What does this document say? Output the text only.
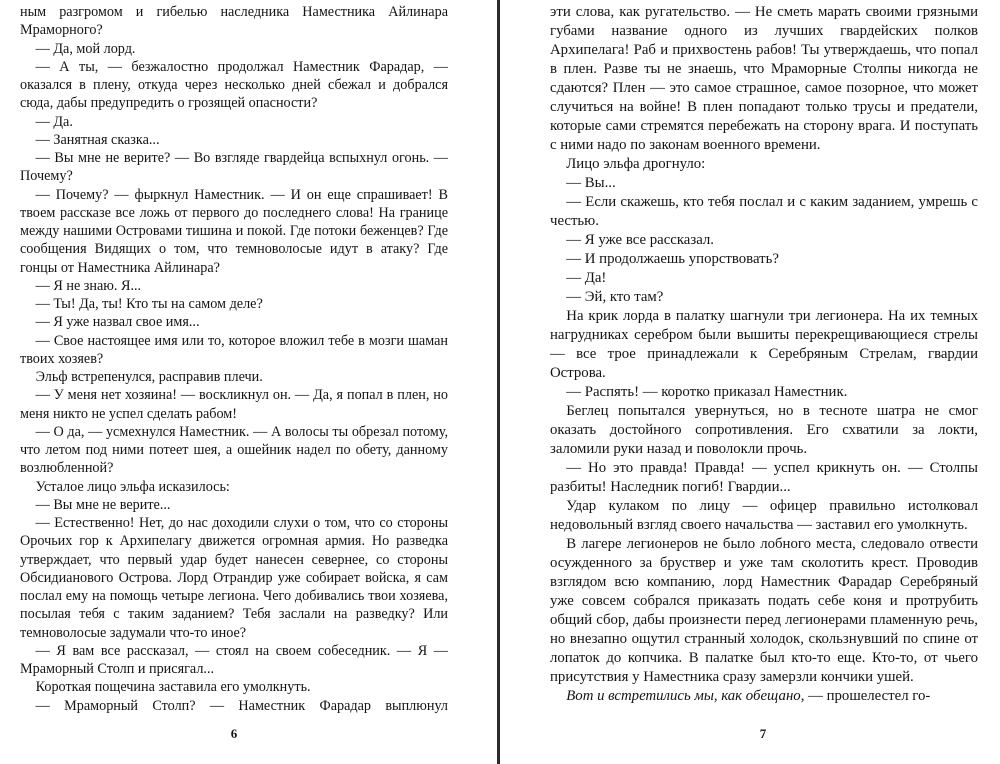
ным разгромом и гибелью наследника Наместника Айлинара Мраморного?

— Да, мой лорд.

— А ты, — безжалостно продолжал Наместник Фарадар, — оказался в плену, откуда через несколько дней сбежал и добрался сюда, дабы предупредить о грозящей опасности?

— Да.

— Занятная сказка...

— Вы мне не верите? — Во взгляде гвардейца вспыхнул огонь. — Почему?

— Почему? — фыркнул Наместник. — И он еще спрашивает! В твоем рассказе все ложь от первого до последнего слова! На границе между нашими Островами тишина и покой. Где потоки беженцев? Где сообщения Видящих о том, что темноволосые идут в атаку? Где гонцы от Наместника Айлинара?

— Я не знаю. Я...

— Ты! Да, ты! Кто ты на самом деле?

— Я уже назвал свое имя...

— Свое настоящее имя или то, которое вложил тебе в мозги шаман твоих хозяев?

Эльф встрепенулся, расправив плечи.

— У меня нет хозяина! — воскликнул он. — Да, я попал в плен, но меня никто не успел сделать рабом!

— О да, — усмехнулся Наместник. — А волосы ты обрезал потому, что летом под ними потеет шея, а ошейник надел по обету, данному возлюбленной?

Усталое лицо эльфа исказилось:

— Вы мне не верите...

— Естественно! Нет, до нас доходили слухи о том, что со стороны Орочьих гор к Архипелагу движется огромная армия. Но разведка утверждает, что первый удар будет нанесен севернее, со стороны Обсидианового Острова. Лорд Отрандир уже собирает войска, я сам послал ему на помощь четыре легиона. Чего добивались твои хозяева, посылая тебя с таким заданием? Тебя заслали на разведку? Или темноволосые задумали что-то иное?

— Я вам все рассказал, — стоял на своем собеседник. — Я — Мраморный Столп и присягал...

Короткая пощечина заставила его умолкнуть.

— Мраморный Столп? — Наместник Фарадар выплюнул

6

эти слова, как ругательство. — Не сметь марать своими грязными губами название одного из лучших гвардейских полков Архипелага! Раб и прихвостень рабов! Ты утверждаешь, что попал в плен. Разве ты не знаешь, что Мраморные Столпы никогда не сдаются? Плен — это самое страшное, самое позорное, что может случиться на войне! В плен попадают только трусы и предатели, которые сами стремятся перебежать на сторону врага. И поступать с ними надо по законам военного времени.

Лицо эльфа дрогнуло:

— Вы...

— Если скажешь, кто тебя послал и с каким заданием, умрешь с честью.

— Я уже все рассказал.

— И продолжаешь упорствовать?

— Да!

— Эй, кто там?

На крик лорда в палатку шагнули три легионера. На их темных нагрудниках серебром были вышиты перекрещивающиеся стрелы — все трое принадлежали к Серебряным Стрелам, гвардии Острова.

— Распять! — коротко приказал Наместник.

Беглец попытался увернуться, но в тесноте шатра не смог оказать достойного сопротивления. Его схватили за локти, заломили руки назад и поволокли прочь.

— Но это правда! Правда! — успел крикнуть он. — Столпы разбиты! Наследник погиб! Гвардии...

Удар кулаком по лицу — офицер правильно истолковал недовольный взгляд своего начальства — заставил его умолкнуть.

В лагере легионеров не было лобного места, следовало отвести осужденного за бруствер и уже там сколотить крест. Проводив взглядом всю компанию, лорд Наместник Фарадар Серебряный уже совсем собрался приказать подать себе коня и протрубить общий сбор, дабы произнести перед легионерами пламенную речь, но внезапно ощутил странный холодок, скользнувший по спине от лопаток до копчика. В палатке был кто-то еще. Кто-то, от чьего присутствия у Наместника сразу замерзли кончики ушей.

Вот и встретились мы, как обещано, — прошелестел го-

7
